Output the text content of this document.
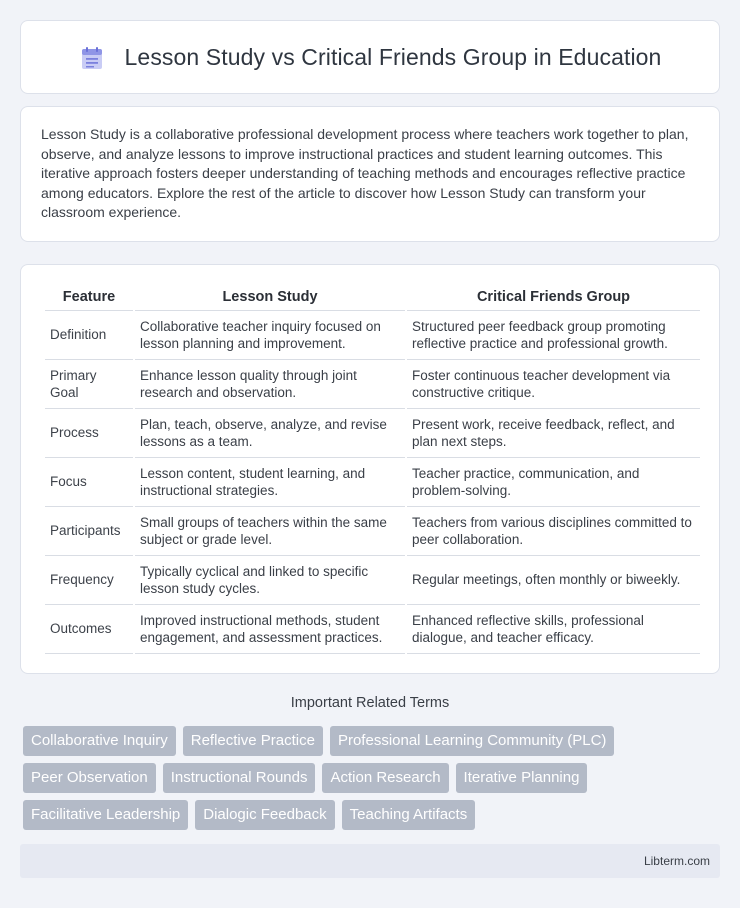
Lesson Study vs Critical Friends Group in Education

Lesson Study is a collaborative professional development process where teachers work together to plan, observe, and analyze lessons to improve instructional practices and student learning outcomes. This iterative approach fosters deeper understanding of teaching methods and encourages reflective practice among educators. Explore the rest of the article to discover how Lesson Study can transform your classroom experience.

Feature	Lesson Study	Critical Friends Group
Definition	Collaborative teacher inquiry focused on lesson planning and improvement.	Structured peer feedback group promoting reflective practice and professional growth.
Primary Goal	Enhance lesson quality through joint research and observation.	Foster continuous teacher development via constructive critique.
Process	Plan, teach, observe, analyze, and revise lessons as a team.	Present work, receive feedback, reflect, and plan next steps.
Focus	Lesson content, student learning, and instructional strategies.	Teacher practice, communication, and problem-solving.
Participants	Small groups of teachers within the same subject or grade level.	Teachers from various disciplines committed to peer collaboration.
Frequency	Typically cyclical and linked to specific lesson study cycles.	Regular meetings, often monthly or biweekly.
Outcomes	Improved instructional methods, student engagement, and assessment practices.	Enhanced reflective skills, professional dialogue, and teacher efficacy.
Important Related Terms
Collaborative Inquiry	Reflective Practice	Professional Learning Community (PLC)
Peer Observation	Instructional Rounds	Action Research	Iterative Planning
Facilitative Leadership	Dialogic Feedback	Teaching Artifacts
Libterm.com
